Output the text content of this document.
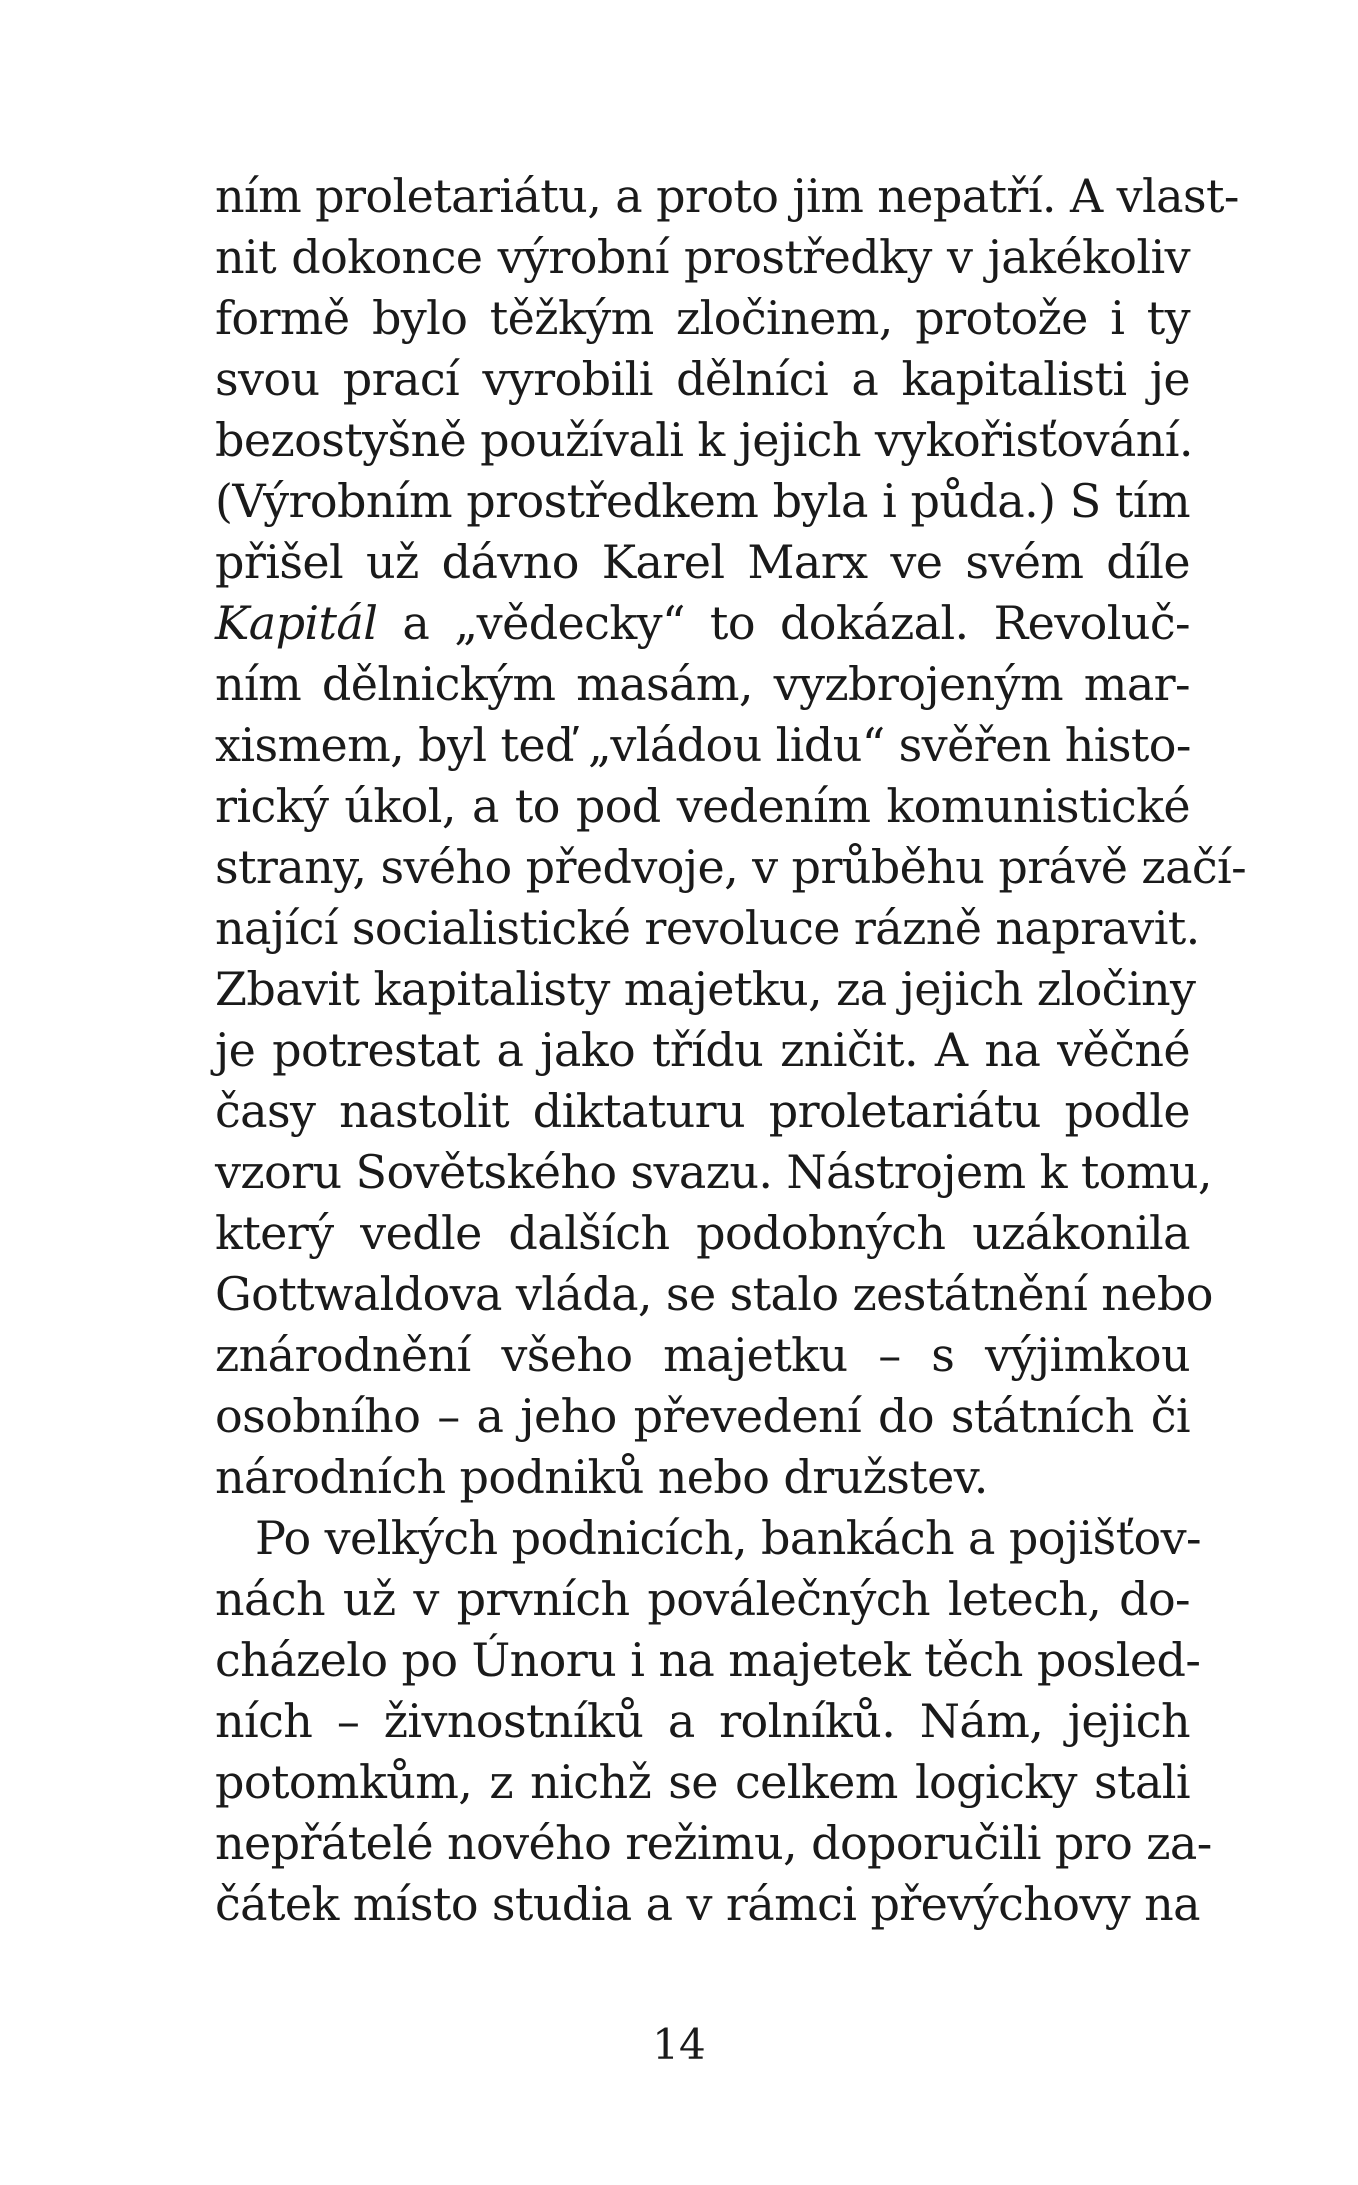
ním proletariátu, a proto jim nepatří. A vlast-
nit dokonce výrobní prostředky v jakékoliv
formě bylo těžkým zločinem, protože i ty
svou prací vyrobili dělníci a kapitalisti je
bezostyšně používali k jejich vykořisťování.
(Výrobním prostředkem byla i půda.) S tím
přišel už dávno Karel Marx ve svém díle
Kapitál a „vědecky“ to dokázal. Revoluč-
ním dělnickým masám, vyzbrojeným mar-
xismem, byl teď „vládou lidu“ svěřen histo-
rický úkol, a to pod vedením komunistické
strany, svého předvoje, v průběhu právě začí-
nající socialistické revoluce rázně napravit.
Zbavit kapitalisty majetku, za jejich zločiny
je potrestat a jako třídu zničit. A na věčné
časy nastolit diktaturu proletariátu podle
vzoru Sovětského svazu. Nástrojem k tomu,
který vedle dalších podobných uzákonila
Gottwaldova vláda, se stalo zestátnění nebo
znárodnění všeho majetku – s výjimkou
osobního – a jeho převedení do státních či
národních podniků nebo družstev.
Po velkých podnicích, bankách a pojišťov-
nách už v prvních poválečných letech, do-
cházelo po Únoru i na majetek těch posled-
ních – živnostníků a rolníků. Nám, jejich
potomkům, z nichž se celkem logicky stali
nepřátelé nového režimu, doporučili pro za-
čátek místo studia a v rámci převýchovy na
14
